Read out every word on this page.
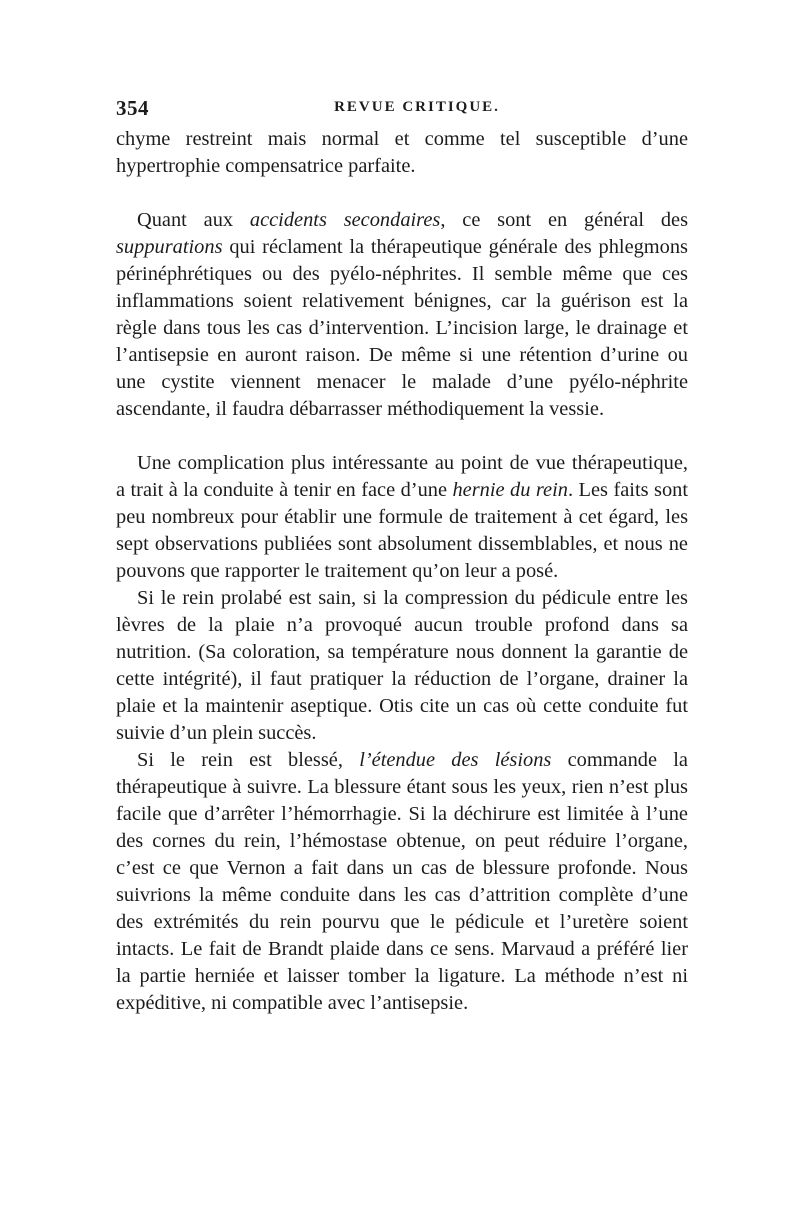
354	REVUE CRITIQUE.

chyme restreint mais normal et comme tel susceptible d’une hypertrophie compensatrice parfaite.

Quant aux accidents secondaires, ce sont en général des suppurations qui réclament la thérapeutique générale des phlegmons périnéphrétiques ou des pyélo-néphrites. Il semble même que ces inflammations soient relativement bénignes, car la guérison est la règle dans tous les cas d’intervention. L’incision large, le drainage et l’antisepsie en auront raison. De même si une rétention d’urine ou une cystite viennent menacer le malade d’une pyélo-néphrite ascendante, il faudra débarrasser méthodiquement la vessie.

Une complication plus intéressante au point de vue thérapeutique, a trait à la conduite à tenir en face d’une hernie du rein. Les faits sont peu nombreux pour établir une formule de traitement à cet égard, les sept observations publiées sont absolument dissemblables, et nous ne pouvons que rapporter le traitement qu’on leur a posé.

Si le rein prolabé est sain, si la compression du pédicule entre les lèvres de la plaie n’a provoqué aucun trouble profond dans sa nutrition. (Sa coloration, sa température nous donnent la garantie de cette intégrité), il faut pratiquer la réduction de l’organe, drainer la plaie et la maintenir aseptique. Otis cite un cas où cette conduite fut suivie d’un plein succès.

Si le rein est blessé, l’étendue des lésions commande la thérapeutique à suivre. La blessure étant sous les yeux, rien n’est plus facile que d’arrêter l’hémorrhagie. Si la déchirure est limitée à l’une des cornes du rein, l’hémostase obtenue, on peut réduire l’organe, c’est ce que Vernon a fait dans un cas de blessure profonde. Nous suivrions la même conduite dans les cas d’attrition complète d’une des extrémités du rein pourvu que le pédicule et l’uretère soient intacts. Le fait de Brandt plaide dans ce sens. Marvaud a préféré lier la partie herniée et laisser tomber la ligature. La méthode n’est ni expéditive, ni compatible avec l’antisepsie.
